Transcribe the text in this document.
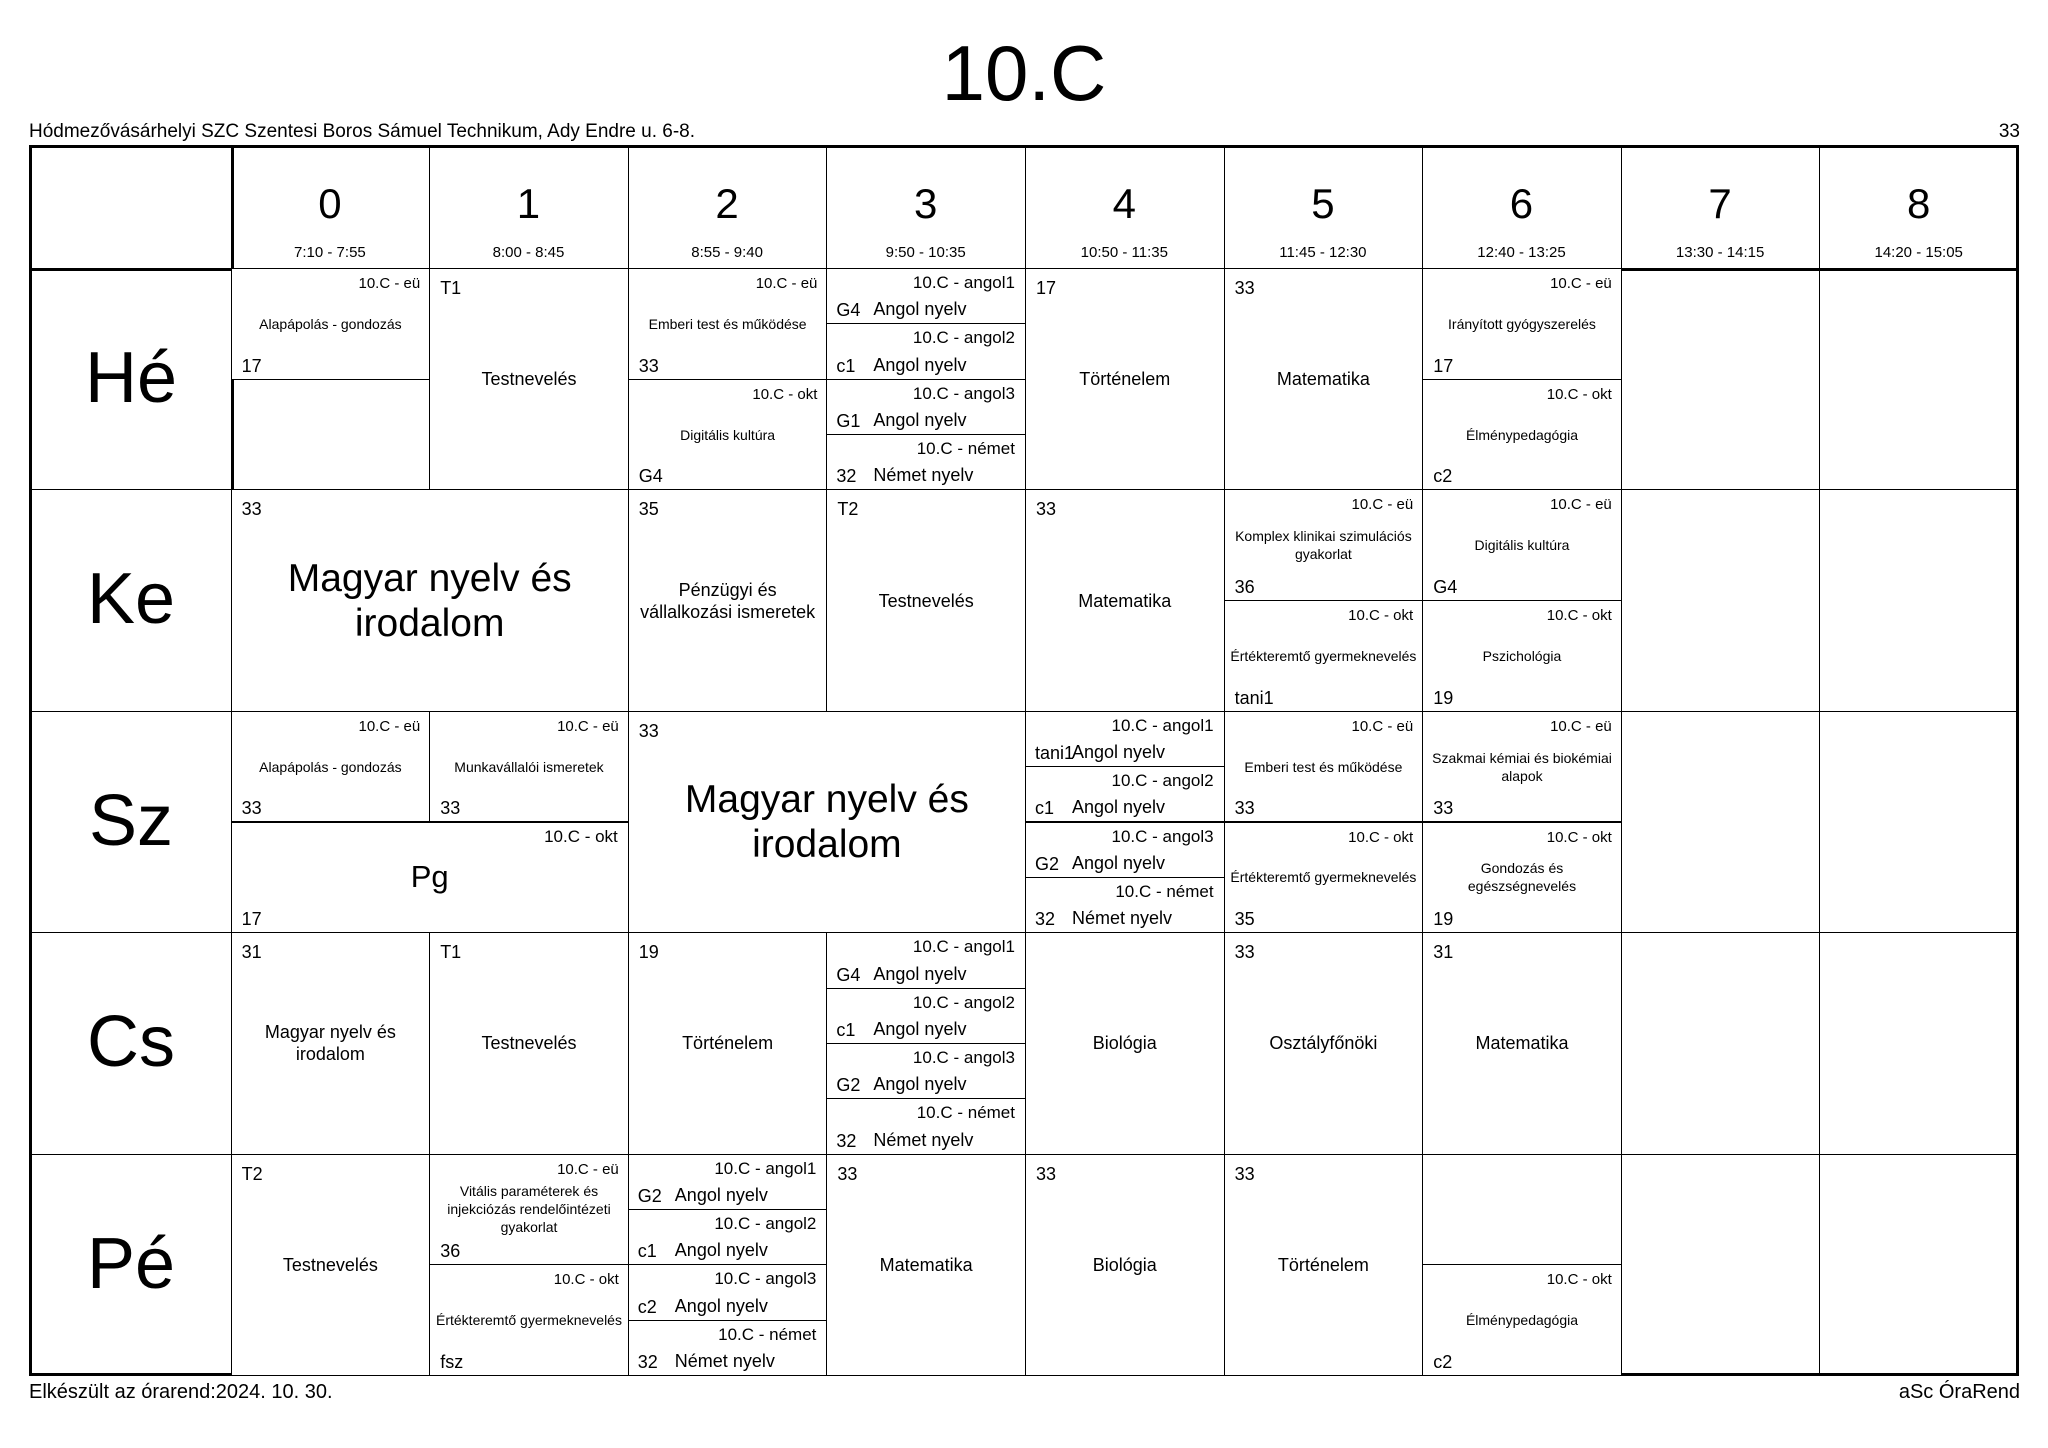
10.C
Hódmezővásárhelyi SZC Szentesi Boros Sámuel Technikum, Ady Endre u. 6-8.	33
0
7:10 - 7:55
1
8:00 - 8:45
2
8:55 - 9:40
3
9:50 - 10:35
4
10:50 - 11:35
5
11:45 - 12:30
6
12:40 - 13:25
7
13:30 - 14:15
8
14:20 - 15:05
Hé
Ke
Sz
Cs
Pé
10.C - eü
Alapápolás - gondozás
17
T1
Testnevelés
10.C - eü
Emberi test és működése
33
10.C - okt
Digitális kultúra
G4
10.C - angol1
Angol nyelv
G4
10.C - angol2
Angol nyelv
c1
10.C - angol3
Angol nyelv
G1
10.C - német
Német nyelv
32
17
Történelem
33
Matematika
10.C - eü
Irányított gyógyszerelés
17
10.C - okt
Élménypedagógia
c2
33
Magyar nyelv és irodalom
35
Pénzügyi és vállalkozási ismeretek
T2
Testnevelés
33
Matematika
10.C - eü
Komplex klinikai szimulációs gyakorlat
36
10.C - okt
Értékteremtő gyermeknevelés
tani1
10.C - eü
Digitális kultúra
G4
10.C - okt
Pszichológia
19
10.C - eü
Alapápolás - gondozás
33
10.C - eü
Munkavállalói ismeretek
33
10.C - okt
Pg
17
33
Magyar nyelv és irodalom
10.C - angol1
Angol nyelv
tani1
10.C - angol2
Angol nyelv
c1
10.C - angol3
Angol nyelv
G2
10.C - német
Német nyelv
32
10.C - eü
Emberi test és működése
33
10.C - okt
Értékteremtő gyermeknevelés
35
10.C - eü
Szakmai kémiai és biokémiai alapok
33
10.C - okt
Gondozás és egészségnevelés
19
31
Magyar nyelv és irodalom
T1
Testnevelés
19
Történelem
10.C - angol1
Angol nyelv
G4
10.C - angol2
Angol nyelv
c1
10.C - angol3
Angol nyelv
G2
10.C - német
Német nyelv
32
Biológia
33
Osztályfőnöki
31
Matematika
T2
Testnevelés
10.C - eü
Vitális paraméterek és injekciózás rendelőintézeti gyakorlat
36
10.C - okt
Értékteremtő gyermeknevelés
fsz
10.C - angol1
Angol nyelv
G2
10.C - angol2
Angol nyelv
c1
10.C - angol3
Angol nyelv
c2
10.C - német
Német nyelv
32
33
Matematika
33
Biológia
33
Történelem
10.C - okt
Élménypedagógia
c2
Elkészült az órarend:2024. 10. 30.	aSc ÓraRend
